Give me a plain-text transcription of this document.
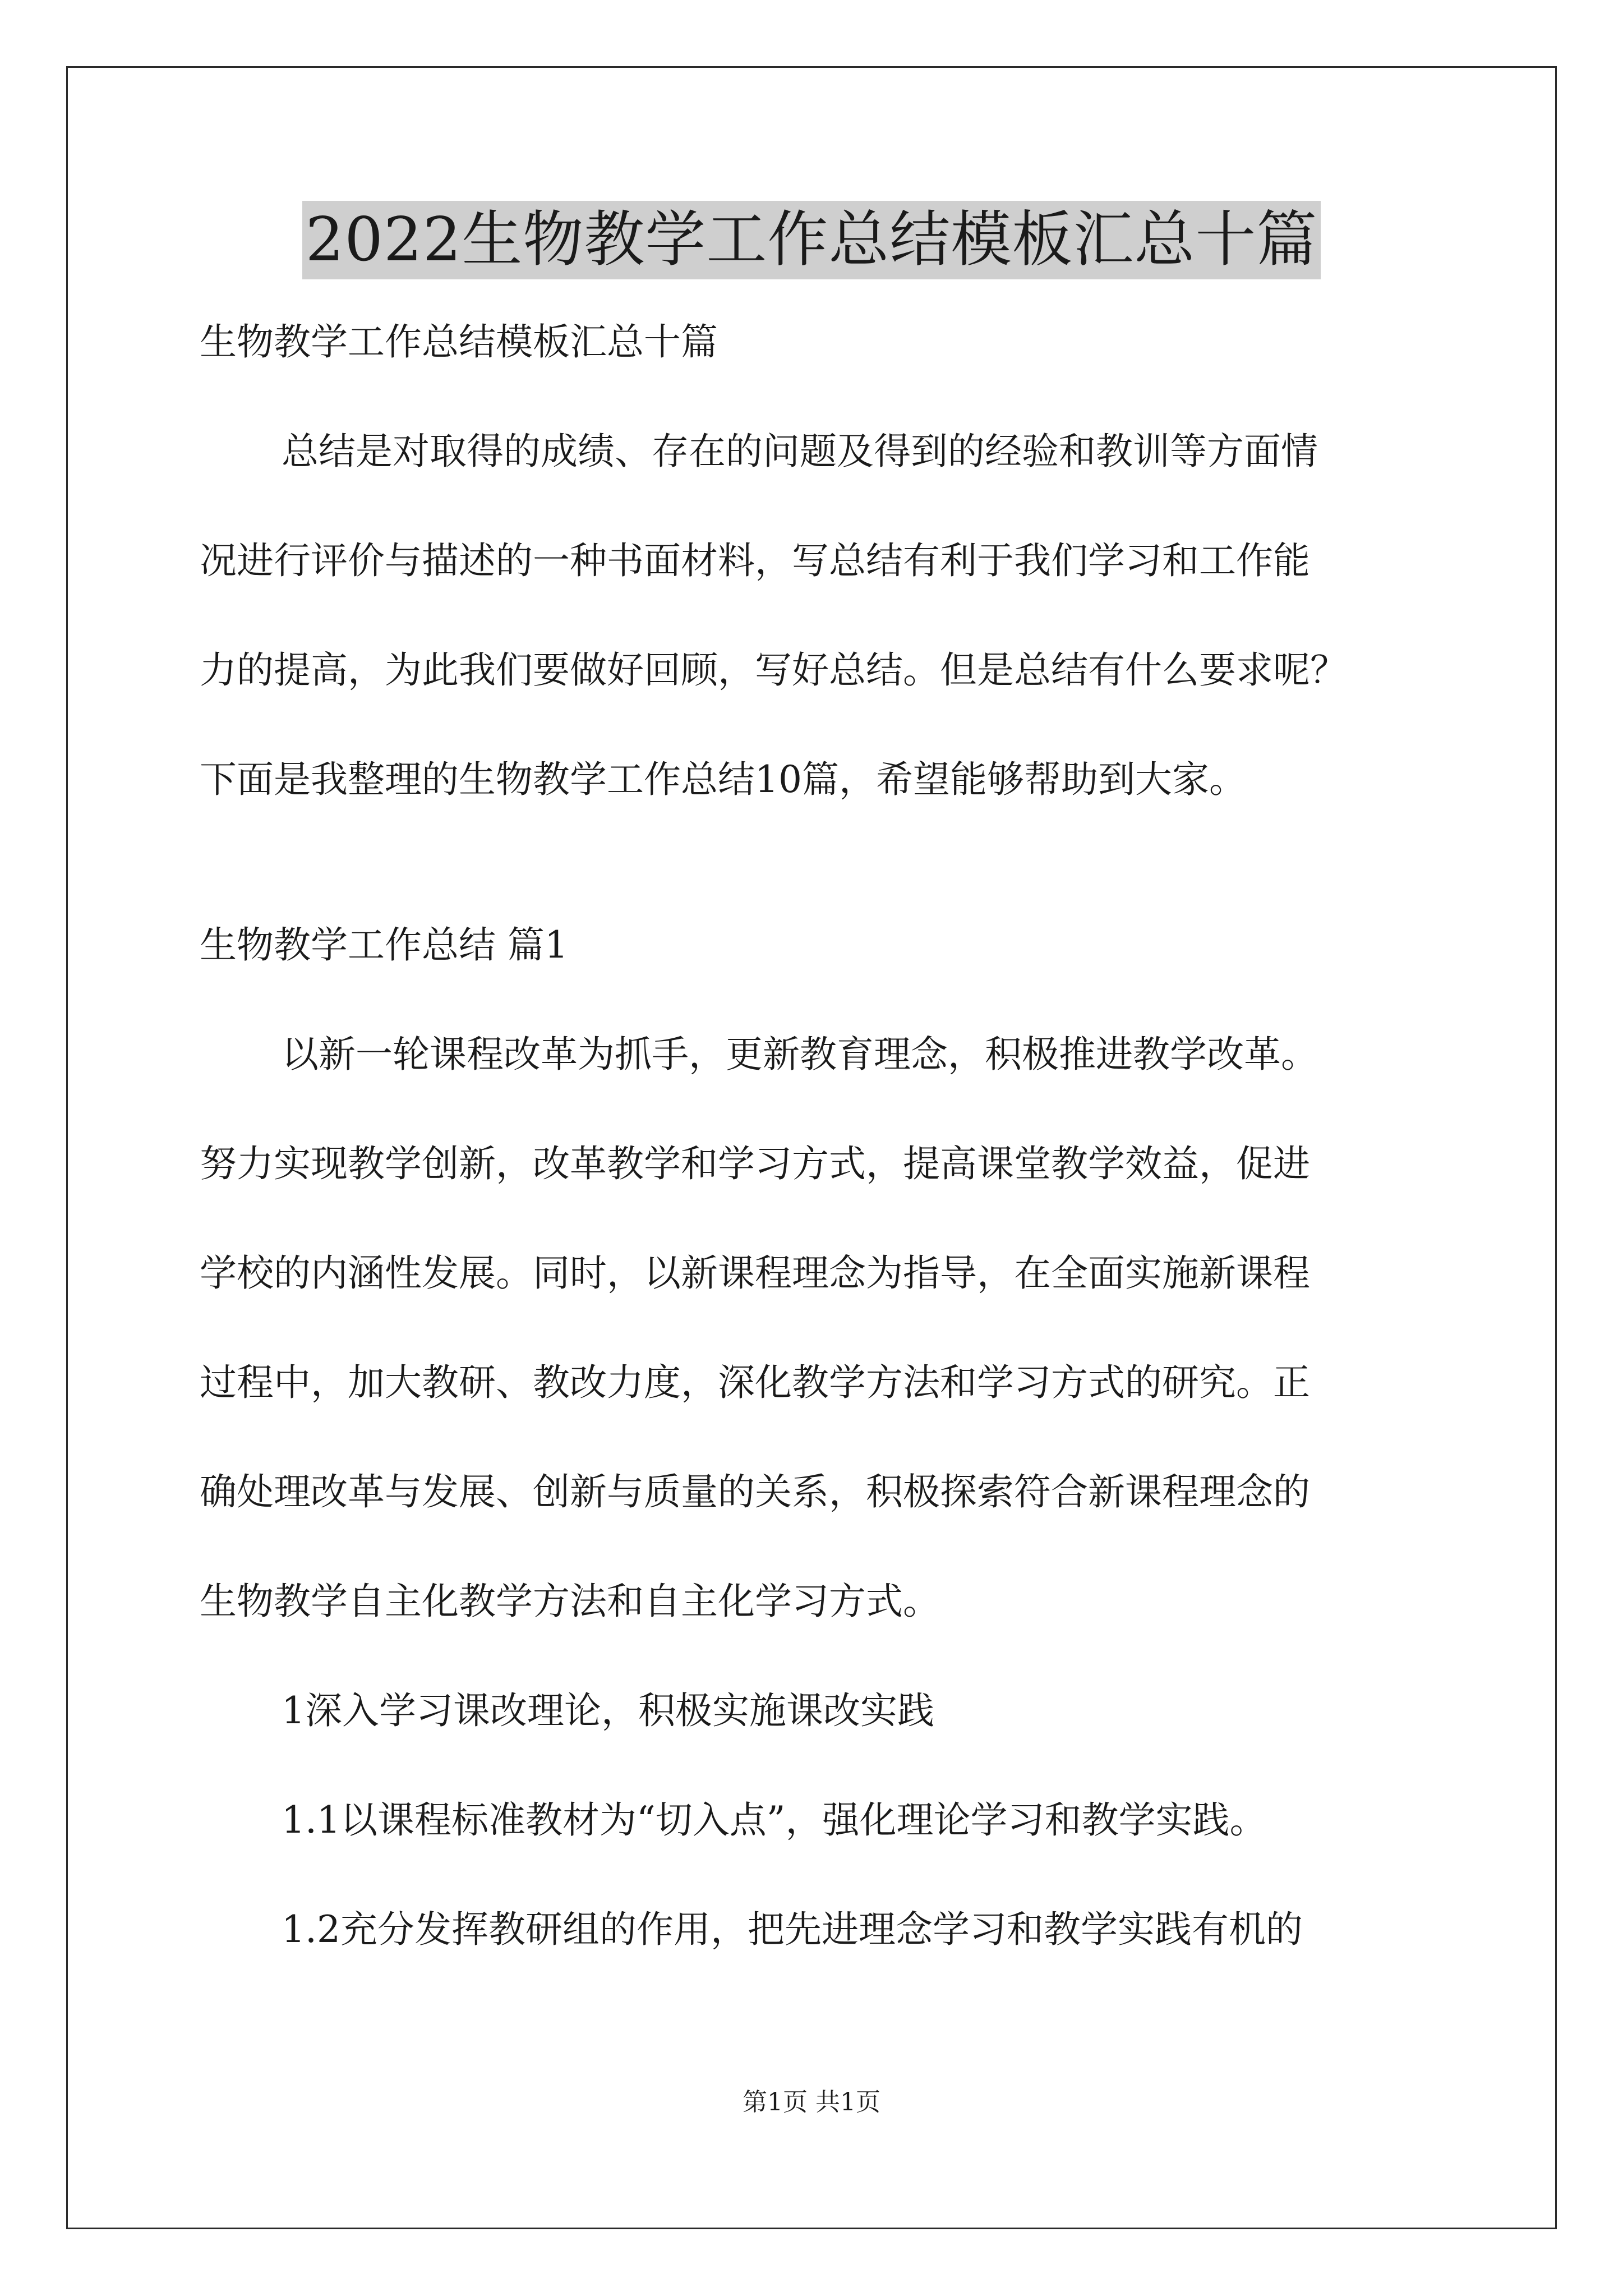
2022生物教学工作总结模板汇总十篇
生物教学工作总结模板汇总十篇
总结是对取得的成绩、存在的问题及得到的经验和教训等方面情
况进行评价与描述的一种书面材料，写总结有利于我们学习和工作能
力的提高，为此我们要做好回顾，写好总结。但是总结有什么要求呢？
下面是我整理的生物教学工作总结10篇，希望能够帮助到大家。
生物教学工作总结 篇1
以新一轮课程改革为抓手，更新教育理念，积极推进教学改革。
努力实现教学创新，改革教学和学习方式，提高课堂教学效益，促进
学校的内涵性发展。同时，以新课程理念为指导，在全面实施新课程
过程中，加大教研、教改力度，深化教学方法和学习方式的研究。正
确处理改革与发展、创新与质量的关系，积极探索符合新课程理念的
生物教学自主化教学方法和自主化学习方式。
1深入学习课改理论，积极实施课改实践
1.1以课程标准教材为“切入点”，强化理论学习和教学实践。
1.2充分发挥教研组的作用，把先进理念学习和教学实践有机的
第1页 共1页
